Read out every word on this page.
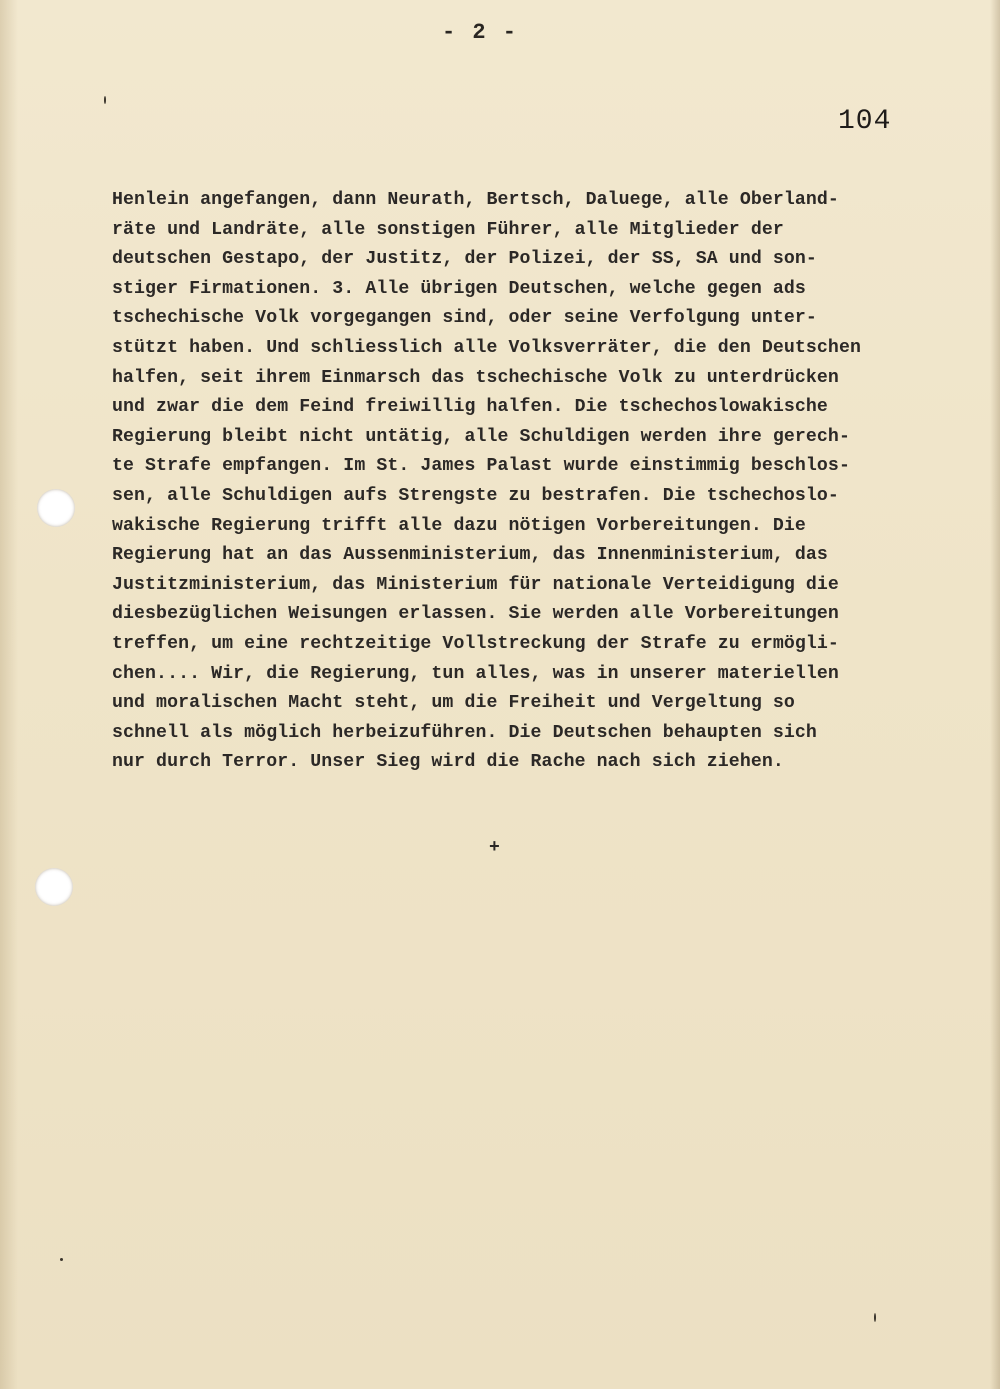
- 2 -
104
Henlein angefangen, dann Neurath, Bertsch, Daluege, alle Oberland-
räte und Landräte, alle sonstigen Führer, alle Mitglieder der
deutschen Gestapo, der Justitz, der Polizei, der SS, SA und son-
stiger Firmationen. 3. Alle übrigen Deutschen, welche gegen ads
tschechische Volk vorgegangen sind, oder seine Verfolgung unter-
stützt haben. Und schliesslich alle Volksverräter, die den Deutschen
halfen, seit ihrem Einmarsch das tschechische Volk zu unterdrücken
und zwar die dem Feind freiwillig halfen. Die tschechoslowakische
Regierung bleibt nicht untätig, alle Schuldigen werden ihre gerech-
te Strafe empfangen. Im St. James Palast wurde einstimmig beschlos-
sen, alle Schuldigen aufs Strengste zu bestrafen. Die tschechoslo-
wakische Regierung trifft alle dazu nötigen Vorbereitungen. Die
Regierung hat an das Aussenministerium, das Innenministerium, das
Justitzministerium, das Ministerium für nationale Verteidigung die
diesbezüglichen Weisungen erlassen. Sie werden alle Vorbereitungen
treffen, um eine rechtzeitige Vollstreckung der Strafe zu ermögli-
chen.... Wir, die Regierung, tun alles, was in unserer materiellen
und moralischen Macht steht, um die Freiheit und Vergeltung so
schnell als möglich herbeizuführen. Die Deutschen behaupten sich
nur durch Terror. Unser Sieg wird die Rache nach sich ziehen.
+
